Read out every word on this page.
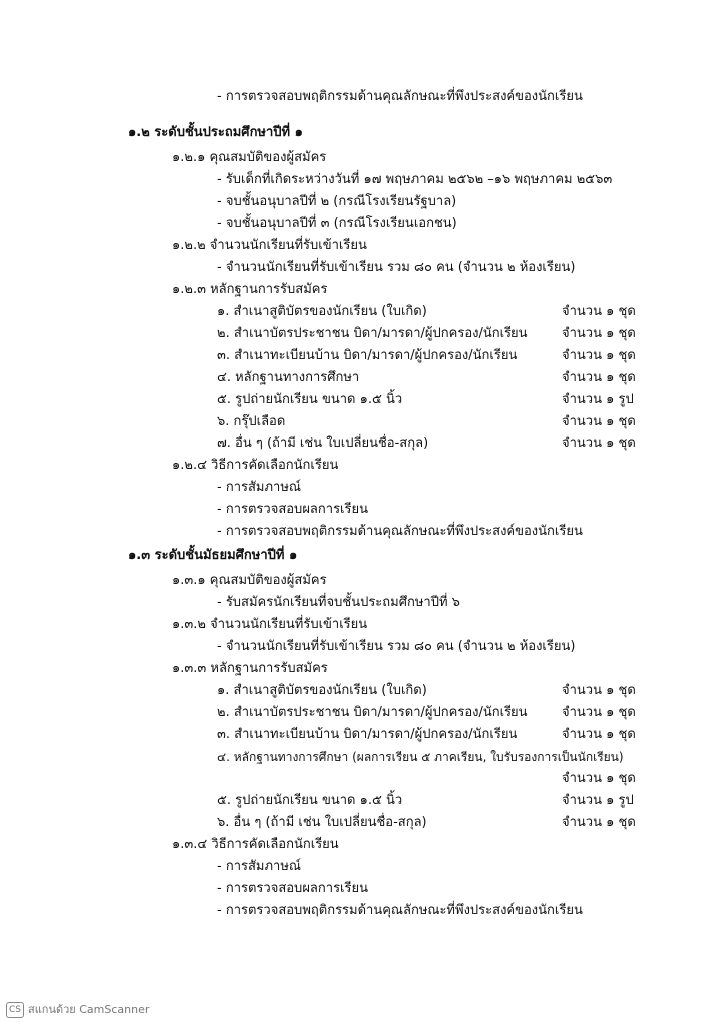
- การตรวจสอบพฤติกรรมด้านคุณลักษณะที่พึงประสงค์ของนักเรียน
๑.๒ ระดับชั้นประถมศึกษาปีที่ ๑
๑.๒.๑ คุณสมบัติของผู้สมัคร
- รับเด็กที่เกิดระหว่างวันที่ ๑๗ พฤษภาคม ๒๕๖๒ –๑๖ พฤษภาคม ๒๕๖๓
- จบชั้นอนุบาลปีที่ ๒ (กรณีโรงเรียนรัฐบาล)
- จบชั้นอนุบาลปีที่ ๓ (กรณีโรงเรียนเอกชน)
๑.๒.๒ จำนวนนักเรียนที่รับเข้าเรียน
- จำนวนนักเรียนที่รับเข้าเรียน รวม ๘๐ คน (จำนวน ๒ ห้องเรียน)
๑.๒.๓ หลักฐานการรับสมัคร
๑. สำเนาสูติบัตรของนักเรียน (ใบเกิด)	จำนวน ๑ ชุด
๒. สำเนาบัตรประชาชน บิดา/มารดา/ผู้ปกครอง/นักเรียน	จำนวน ๑ ชุด
๓. สำเนาทะเบียนบ้าน บิดา/มารดา/ผู้ปกครอง/นักเรียน	จำนวน ๑ ชุด
๔. หลักฐานทางการศึกษา	จำนวน ๑ ชุด
๕. รูปถ่ายนักเรียน ขนาด ๑.๕ นิ้ว	จำนวน ๑ รูป
๖. กรุ๊ปเลือด	จำนวน ๑ ชุด
๗. อื่น ๆ (ถ้ามี เช่น ใบเปลี่ยนชื่อ-สกุล)	จำนวน ๑ ชุด
๑.๒.๔ วิธีการคัดเลือกนักเรียน
- การสัมภาษณ์
- การตรวจสอบผลการเรียน
- การตรวจสอบพฤติกรรมด้านคุณลักษณะที่พึงประสงค์ของนักเรียน
๑.๓ ระดับชั้นมัธยมศึกษาปีที่ ๑
๑.๓.๑ คุณสมบัติของผู้สมัคร
- รับสมัครนักเรียนที่จบชั้นประถมศึกษาปีที่ ๖
๑.๓.๒ จำนวนนักเรียนที่รับเข้าเรียน
- จำนวนนักเรียนที่รับเข้าเรียน รวม ๘๐ คน (จำนวน ๒ ห้องเรียน)
๑.๓.๓ หลักฐานการรับสมัคร
๑. สำเนาสูติบัตรของนักเรียน (ใบเกิด)	จำนวน ๑ ชุด
๒. สำเนาบัตรประชาชน บิดา/มารดา/ผู้ปกครอง/นักเรียน	จำนวน ๑ ชุด
๓. สำเนาทะเบียนบ้าน บิดา/มารดา/ผู้ปกครอง/นักเรียน	จำนวน ๑ ชุด
๔. หลักฐานทางการศึกษา (ผลการเรียน ๕ ภาคเรียน, ใบรับรองการเป็นนักเรียน)
จำนวน ๑ ชุด
๕. รูปถ่ายนักเรียน ขนาด ๑.๕ นิ้ว	จำนวน ๑ รูป
๖. อื่น ๆ (ถ้ามี เช่น ใบเปลี่ยนชื่อ-สกุล)	จำนวน ๑ ชุด
๑.๓.๔ วิธีการคัดเลือกนักเรียน
- การสัมภาษณ์
- การตรวจสอบผลการเรียน
- การตรวจสอบพฤติกรรมด้านคุณลักษณะที่พึงประสงค์ของนักเรียน
CS สแกนด้วย CamScanner
